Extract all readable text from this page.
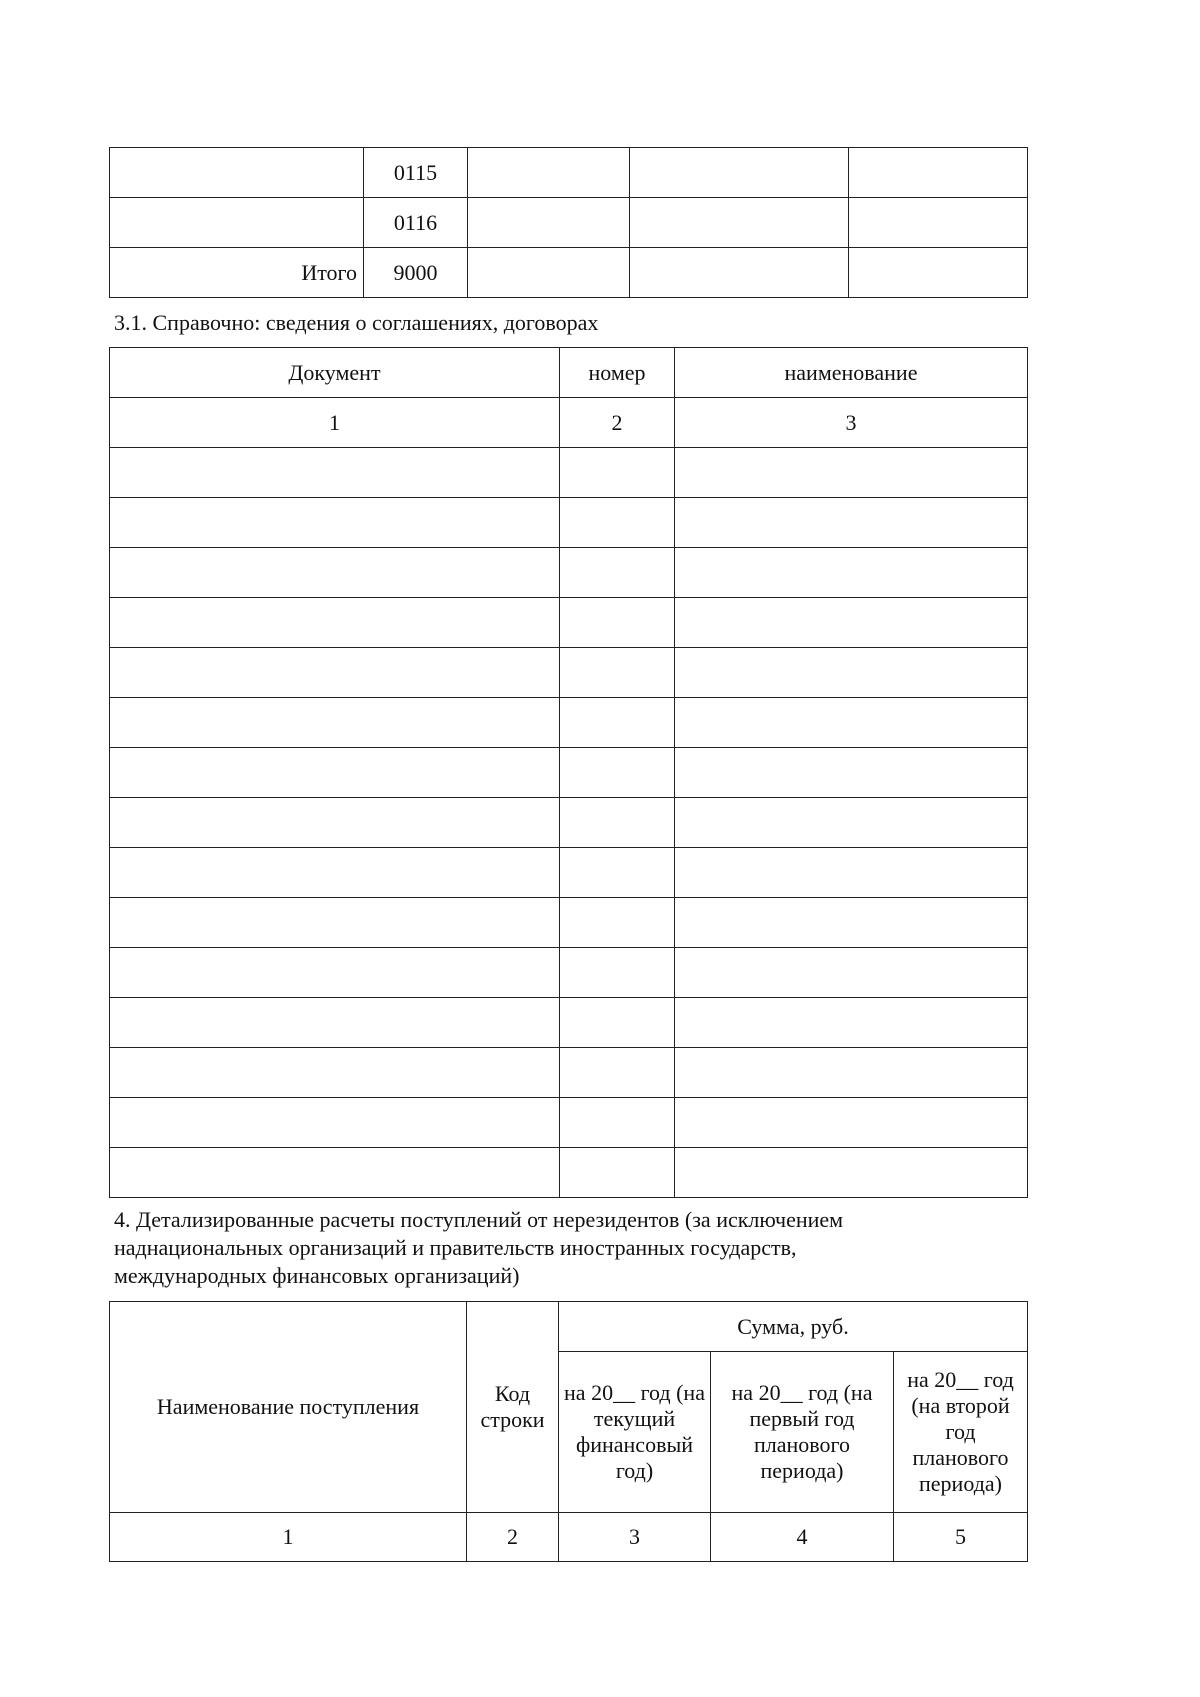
	0115			
	0116			
Итого	9000			

3.1. Справочно: сведения о соглашениях, договорах

Документ	номер	наименование
1	2	3

4. Детализированные расчеты поступлений от нерезидентов (за исключением
наднациональных организаций и правительств иностранных государств,
международных финансовых организаций)

Наименование поступления	Код строки	Сумма, руб.		
		на 20__ год (на текущий финансовый год)	на 20__ год (на первый год планового периода)	на 20__ год (на второй год планового периода)
1	2	3	4	5
